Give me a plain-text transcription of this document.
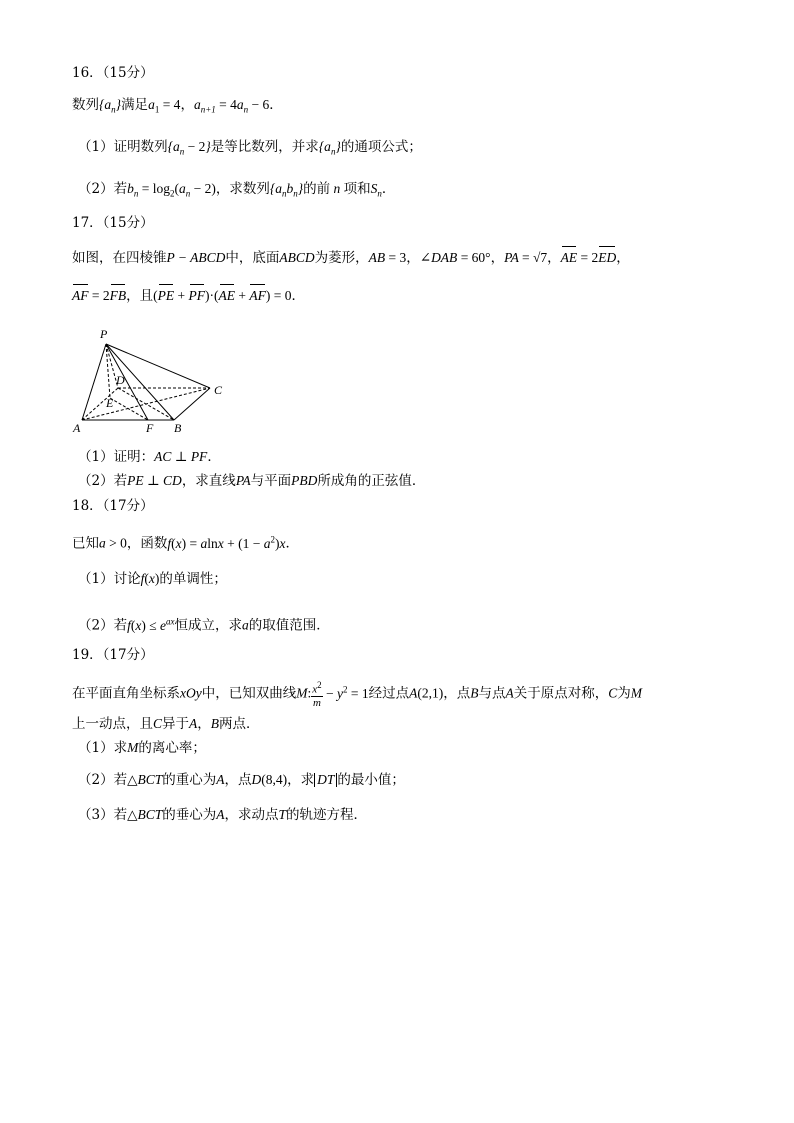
16．（15分）
数列$\{a_n\}$满足$a_1 = 4$，$a_{n+1} = 4a_n - 6$．
（1）证明数列$\{a_n - 2\}$是等比数列，并求$\{a_n\}$的通项公式；
（2）若$b_n = \log_2(a_n - 2)$，求数列$\{a_nb_n\}$的前 n 项和$S_n$．
17．（15分）
如图，在四棱锥P − ABCD中，底面ABCD为菱形，AB = 3，∠DAB = 60°，PA = √7，AE = 2ED，
AF = 2FB，且(PE + PF)·(AE + AF) = 0．
P
D
E
C
A	F B
（1）证明：AC ⊥ PF．
（2）若PE ⊥ CD，求直线PA与平面PBD所成角的正弦值．
18．（17分）
已知a > 0，函数$f(x) = alnx + (1 - a^2)x$．
（1）讨论f(x)的单调性；
（2）若$f(x) \le e^{ax}$恒成立，求a的取值范围．
19．（17分）
在平面直角坐标系xOy中，已知双曲线M: $\frac{x^2}{m} - y^2 = 1$经过点A(2,1)，点B与点A关于原点对称，C为M
上一动点，且C异于A，B两点．
（1）求M的离心率；
（2）若△BCT的重心为A，点D(8,4)，求 DT 的最小值；
（3）若△BCT的垂心为A，求动点T的轨迹方程．
